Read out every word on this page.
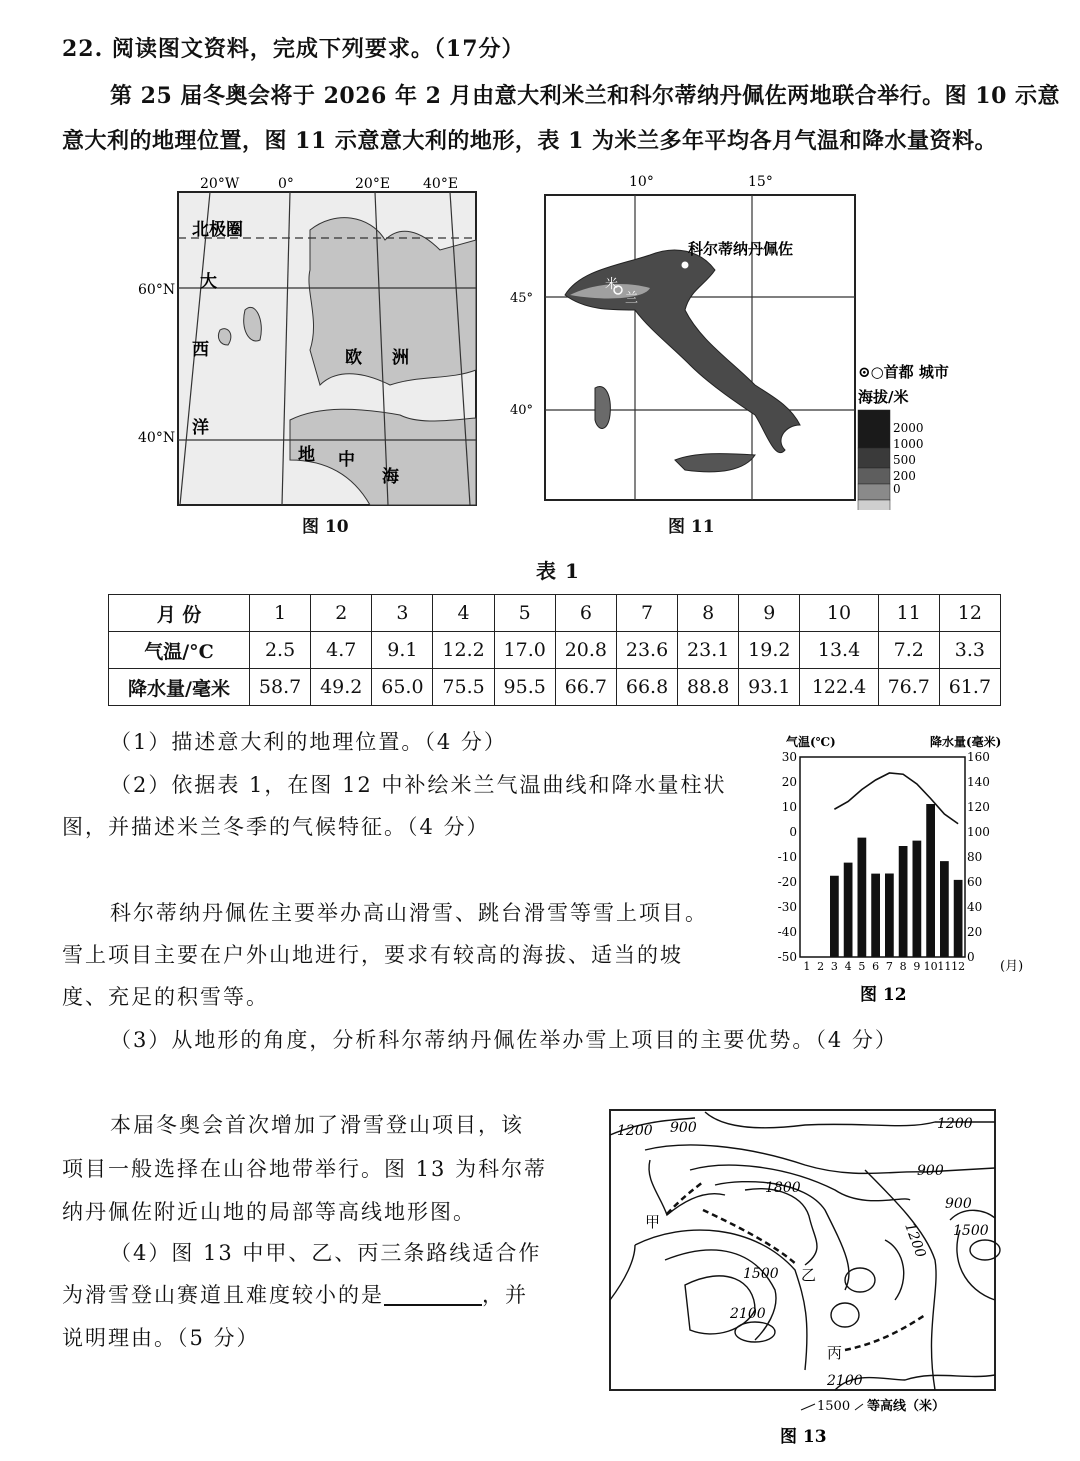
22. 阅读图文资料，完成下列要求。（17分）
第 25 届冬奥会将于 2026 年 2 月由意大利米兰和科尔蒂纳丹佩佐两地联合举行。图 10 示意
意大利的地理位置，图 11 示意意大利的地形，表 1 为米兰多年平均各月气温和降水量资料。
20°W	0°	20°E 40°E
60°N
40°N
北极圈
大
西
洋
欧 洲
地 中
海
图 10
10°	15°
45°
40°
科尔蒂纳丹佩佐
米
兰
⊙○首都 城市
海拔/米
2000
1000
500
200
0
图 11
表 1
月 份	1	2	3	4	5	6	7	8	9	10	11	12
气温/°C	2.5	4.7	9.1	12.2	17.0	20.8	23.6	23.1	19.2	13.4	7.2	3.3
降水量/毫米	58.7	49.2	65.0	75.5	95.5	66.7	66.8	88.8	93.1	122.4	76.7	61.7
（1）描述意大利的地理位置。（4 分）
（2）依据表 1，在图 12 中补绘米兰气温曲线和降水量柱状
图，并描述米兰冬季的气候特征。（4 分）
科尔蒂纳丹佩佐主要举办高山滑雪、跳台滑雪等雪上项目。
雪上项目主要在户外山地进行，要求有较高的海拔、适当的坡
度、充足的积雪等。
（3）从地形的角度，分析科尔蒂纳丹佩佐举办雪上项目的主要优势。（4 分）
本届冬奥会首次增加了滑雪登山项目，该
项目一般选择在山谷地带举行。图 13 为科尔蒂
纳丹佩佐附近山地的局部等高线地形图。
（4）图 13 中甲、乙、丙三条路线适合作
为滑雪登山赛道且难度较小的是	，并
说明理由。（5 分）
气温(℃)	降水量(毫米)
30
20
10
0
-10
-20
-30
-40
-50
160
140
120
100
80
60
40
20
0
1 2 3 4 5 6 7 8 9 10 11 12	(月)
图 12
1200 900	1200
900
900
1800
1500
1200 1500
2100
2100
甲
乙
丙
1500 等高线（米）
图 13
